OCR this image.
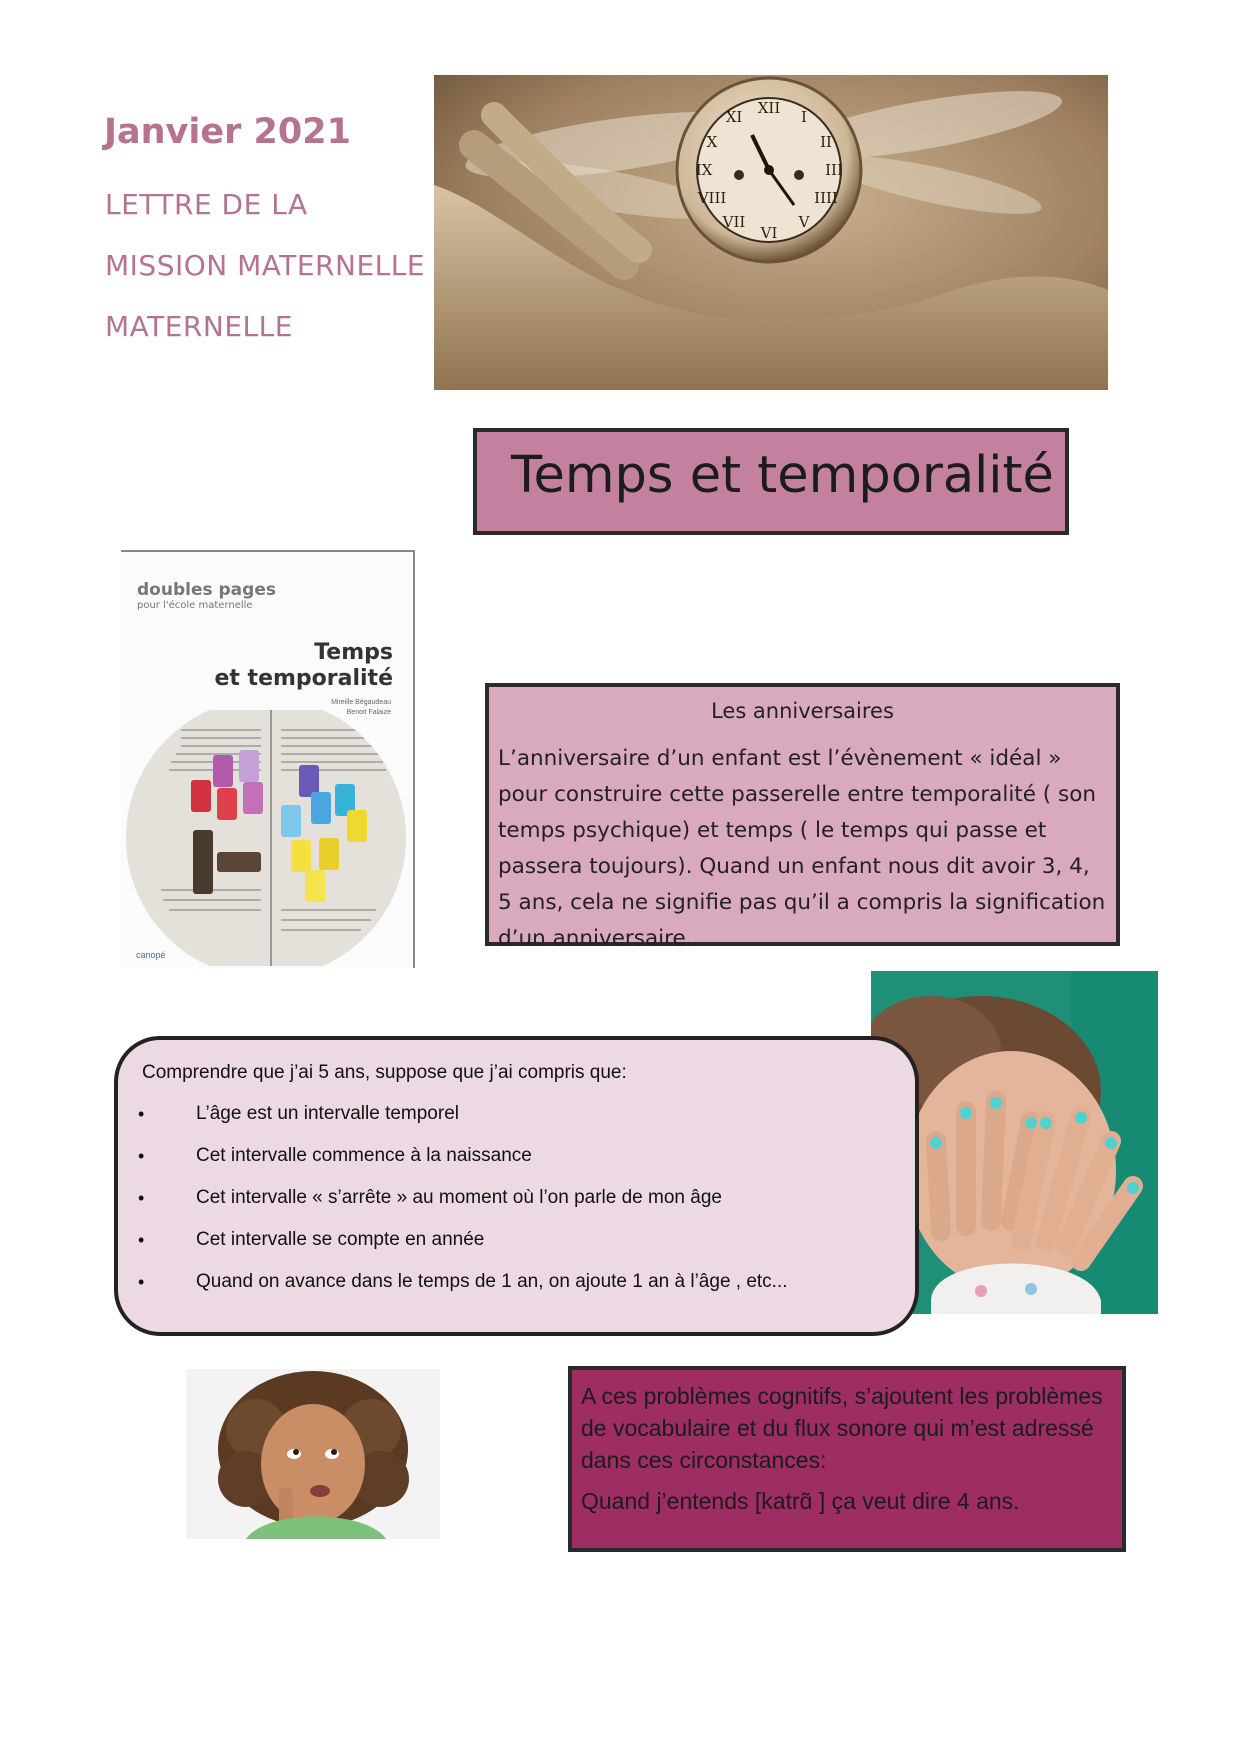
Janvier 2021
LETTRE DE LA
MISSION MATERNELLE
MATERNELLE
XII I
II
III
IIII
V
VI
VII
VIII
IX
X
XI
Temps et temporalité
doubles pages
pour l'école maternelle
Temps
et temporalité
Mireille Bégaudeau
Benoit Falaize
canopé
Les anniversaires
L’anniversaire d’un enfant est l’évènement « idéal » pour construire cette passerelle entre temporalité ( son temps psychique) et temps ( le temps qui passe et passera toujours). Quand un enfant nous dit avoir 3, 4, 5 ans, cela ne signifie pas qu’il a compris la signification d’un anniversaire.
Comprendre que j’ai 5 ans, suppose que j’ai compris que:
•	L’âge est un intervalle temporel
•	Cet intervalle commence à la naissance
•	Cet intervalle « s’arrête » au moment où l’on parle de mon âge
•	Cet intervalle se compte en année
•	Quand on avance dans le temps de 1 an, on ajoute 1 an à l’âge , etc...
A ces problèmes cognitifs, s’ajoutent les problèmes de vocabulaire et du flux sonore qui m’est adressé dans ces circonstances:
Quand j’entends [katrɑ̃ ] ça veut dire 4 ans.
